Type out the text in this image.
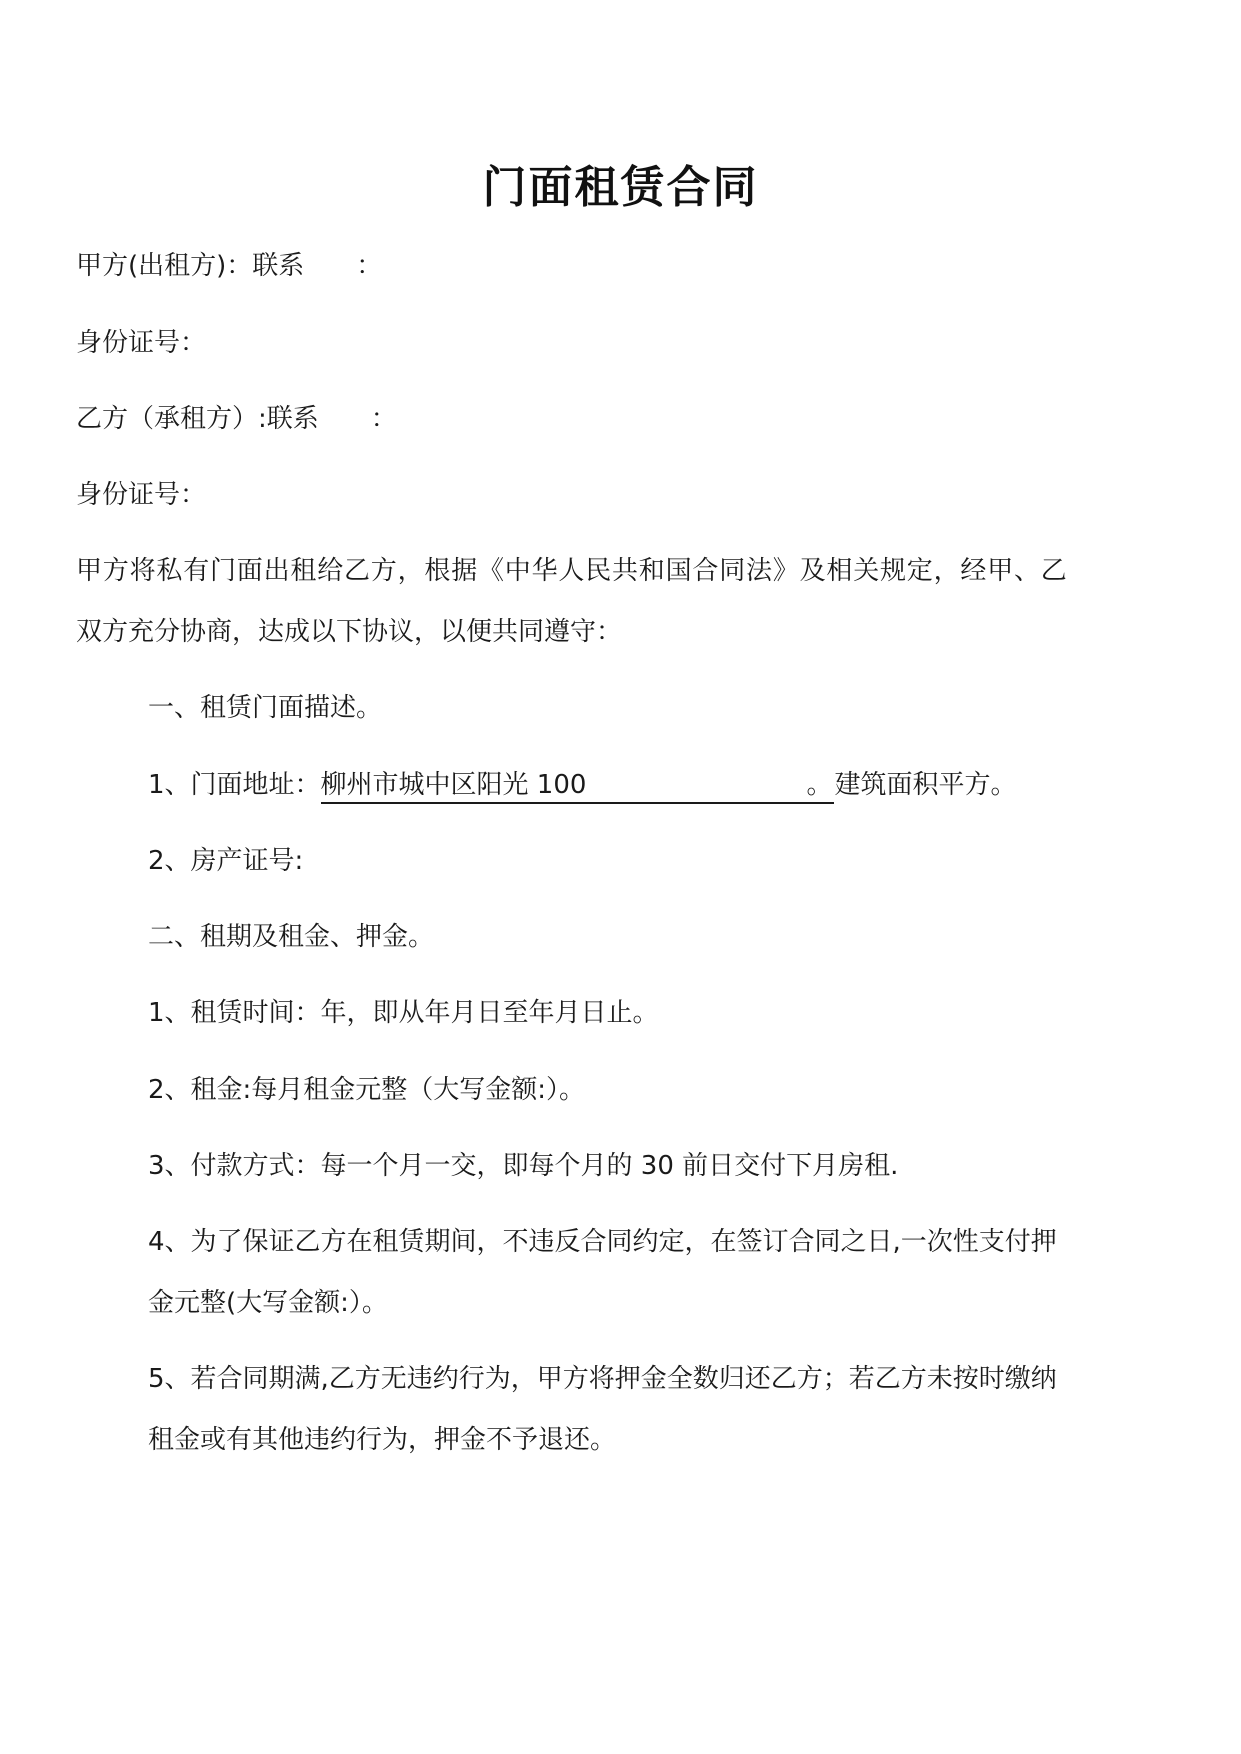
门面租赁合同
甲方(出租方)：联系　　：
身份证号：
乙方（承租方）:联系　　：
身份证号：
甲方将私有门面出租给乙方，根据《中华人民共和国合同法》及相关规定，经甲、乙
双方充分协商，达成以下协议，以便共同遵守：
一、租赁门面描述。
1、门面地址：柳州市城中区阳光 100	。建筑面积平方。
2、房产证号:
二、租期及租金、押金。
1、租赁时间：年，即从年月日至年月日止。
2、租金:每月租金元整（大写金额:）。
3、付款方式：每一个月一交，即每个月的 30 前日交付下月房租.
4、为了保证乙方在租赁期间，不违反合同约定，在签订合同之日,一次性支付押
金元整(大写金额:）。
5、若合同期满,乙方无违约行为，甲方将押金全数归还乙方；若乙方未按时缴纳
租金或有其他违约行为，押金不予退还。
